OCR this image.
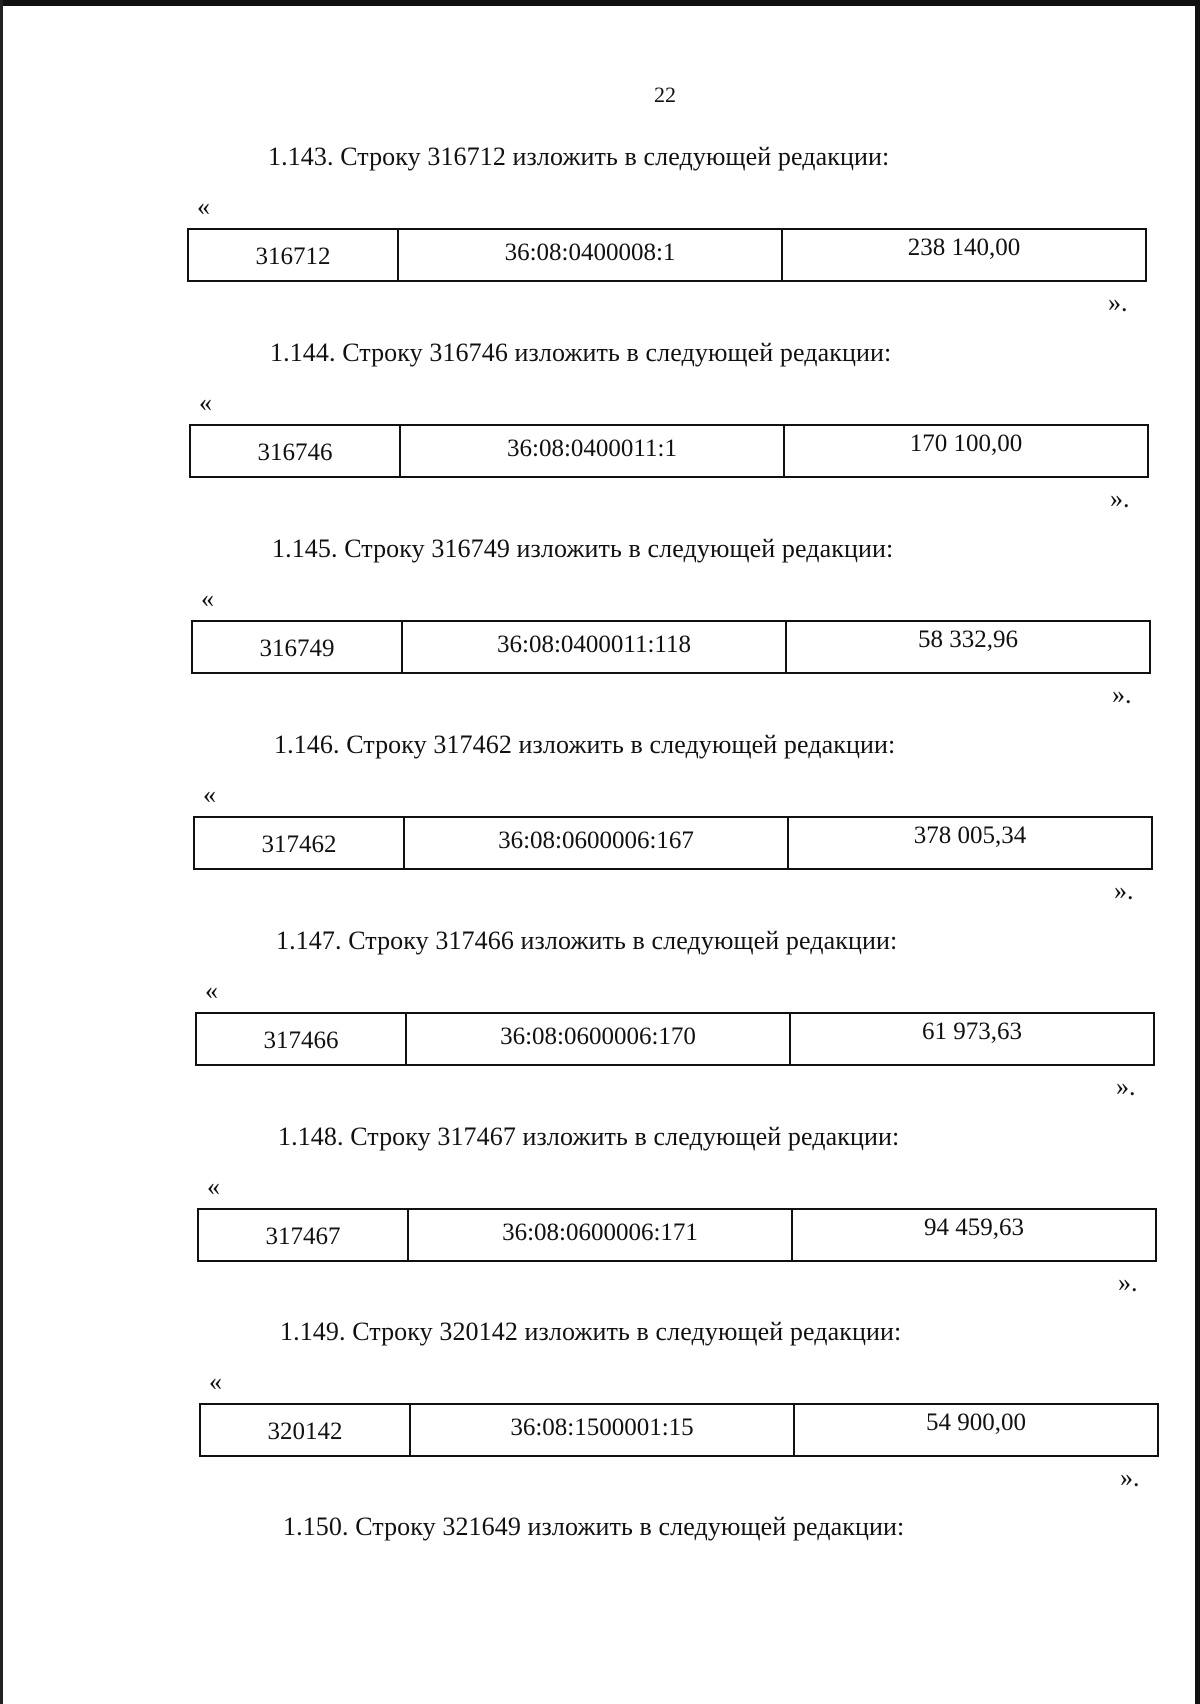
22
1.143. Строку 316712 изложить в следующей редакции:
«
316712	36:08:0400008:1	238 140,00
».
1.144. Строку 316746 изложить в следующей редакции:
«
316746	36:08:0400011:1	170 100,00
».
1.145. Строку 316749 изложить в следующей редакции:
«
316749	36:08:0400011:118	58 332,96
».
1.146. Строку 317462 изложить в следующей редакции:
«
317462	36:08:0600006:167	378 005,34
».
1.147. Строку 317466 изложить в следующей редакции:
«
317466	36:08:0600006:170	61 973,63
».
1.148. Строку 317467 изложить в следующей редакции:
«
317467	36:08:0600006:171	94 459,63
».
1.149. Строку 320142 изложить в следующей редакции:
«
320142	36:08:1500001:15	54 900,00
».
1.150. Строку 321649 изложить в следующей редакции:
